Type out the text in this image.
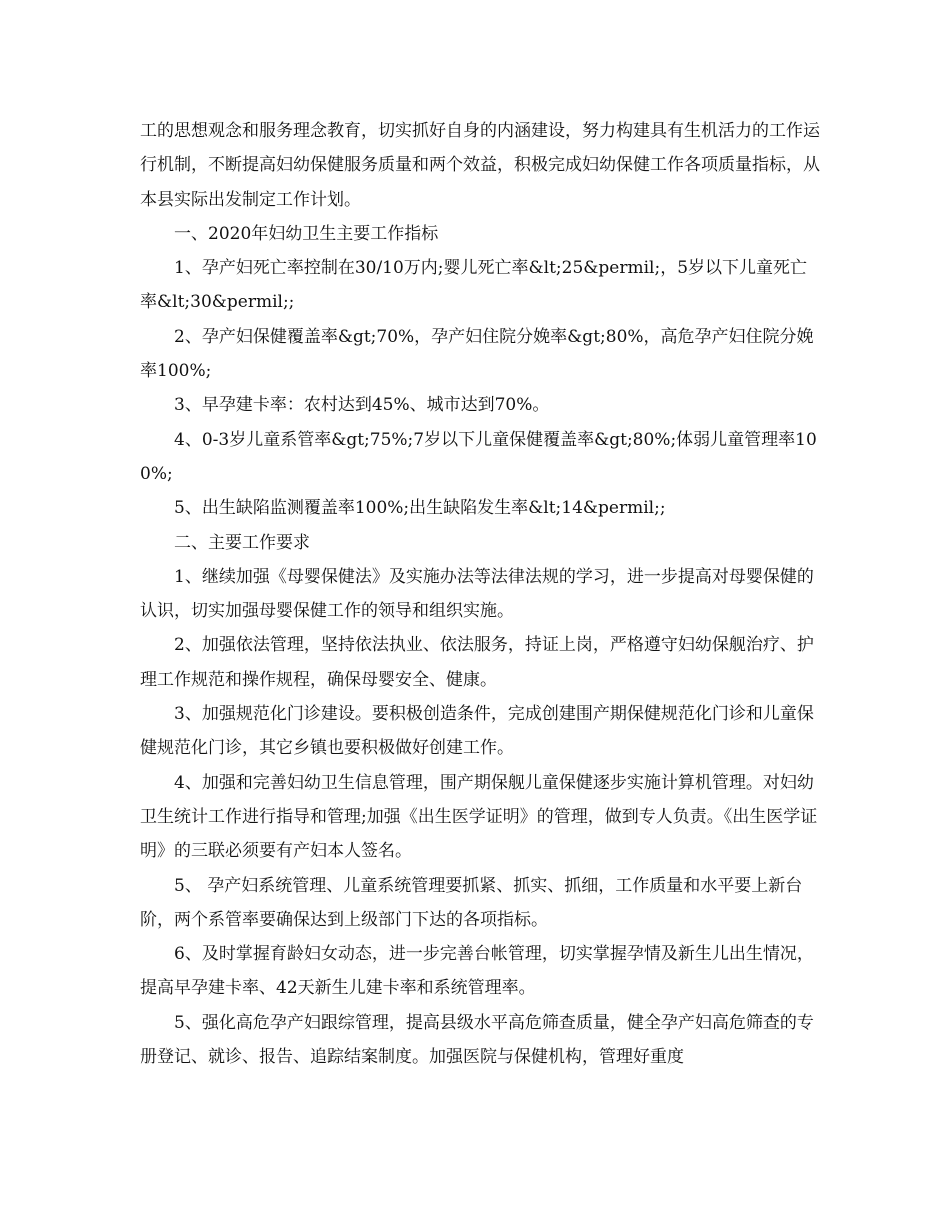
工的思想观念和服务理念教育，切实抓好自身的内涵建设，努力构建具有生机活力的工作运行机制，不断提高妇幼保健服务质量和两个效益，积极完成妇幼保健工作各项质量指标，从本县实际出发制定工作计划。

一、2020年妇幼卫生主要工作指标

1、孕产妇死亡率控制在30/10万内;婴儿死亡率&lt;25&permil;，5岁以下儿童死亡率&lt;30&permil;;

2、孕产妇保健覆盖率&gt;70%，孕产妇住院分娩率&gt;80%，高危孕产妇住院分娩率100%;

3、早孕建卡率：农村达到45%、城市达到70%。

4、0-3岁儿童系管率&gt;75%;7岁以下儿童保健覆盖率&gt;80%;体弱儿童管理率100%;

5、出生缺陷监测覆盖率100%;出生缺陷发生率&lt;14&permil;;

二、主要工作要求

1、继续加强《母婴保健法》及实施办法等法律法规的学习，进一步提高对母婴保健的认识，切实加强母婴保健工作的领导和组织实施。

2、加强依法管理，坚持依法执业、依法服务，持证上岗，严格遵守妇幼保舰治疗、护理工作规范和操作规程，确保母婴安全、健康。

3、加强规范化门诊建设。要积极创造条件，完成创建围产期保健规范化门诊和儿童保健规范化门诊，其它乡镇也要积极做好创建工作。

4、加强和完善妇幼卫生信息管理，围产期保舰儿童保健逐步实施计算机管理。对妇幼卫生统计工作进行指导和管理;加强《出生医学证明》的管理，做到专人负责。《出生医学证明》的三联必须要有产妇本人签名。

5、 孕产妇系统管理、儿童系统管理要抓紧、抓实、抓细，工作质量和水平要上新台阶，两个系管率要确保达到上级部门下达的各项指标。

6、及时掌握育龄妇女动态，进一步完善台帐管理，切实掌握孕情及新生儿出生情况，提高早孕建卡率、42天新生儿建卡率和系统管理率。

5、强化高危孕产妇跟综管理，提高县级水平高危筛查质量，健全孕产妇高危筛查的专册登记、就诊、报告、追踪结案制度。加强医院与保健机构，管理好重度
